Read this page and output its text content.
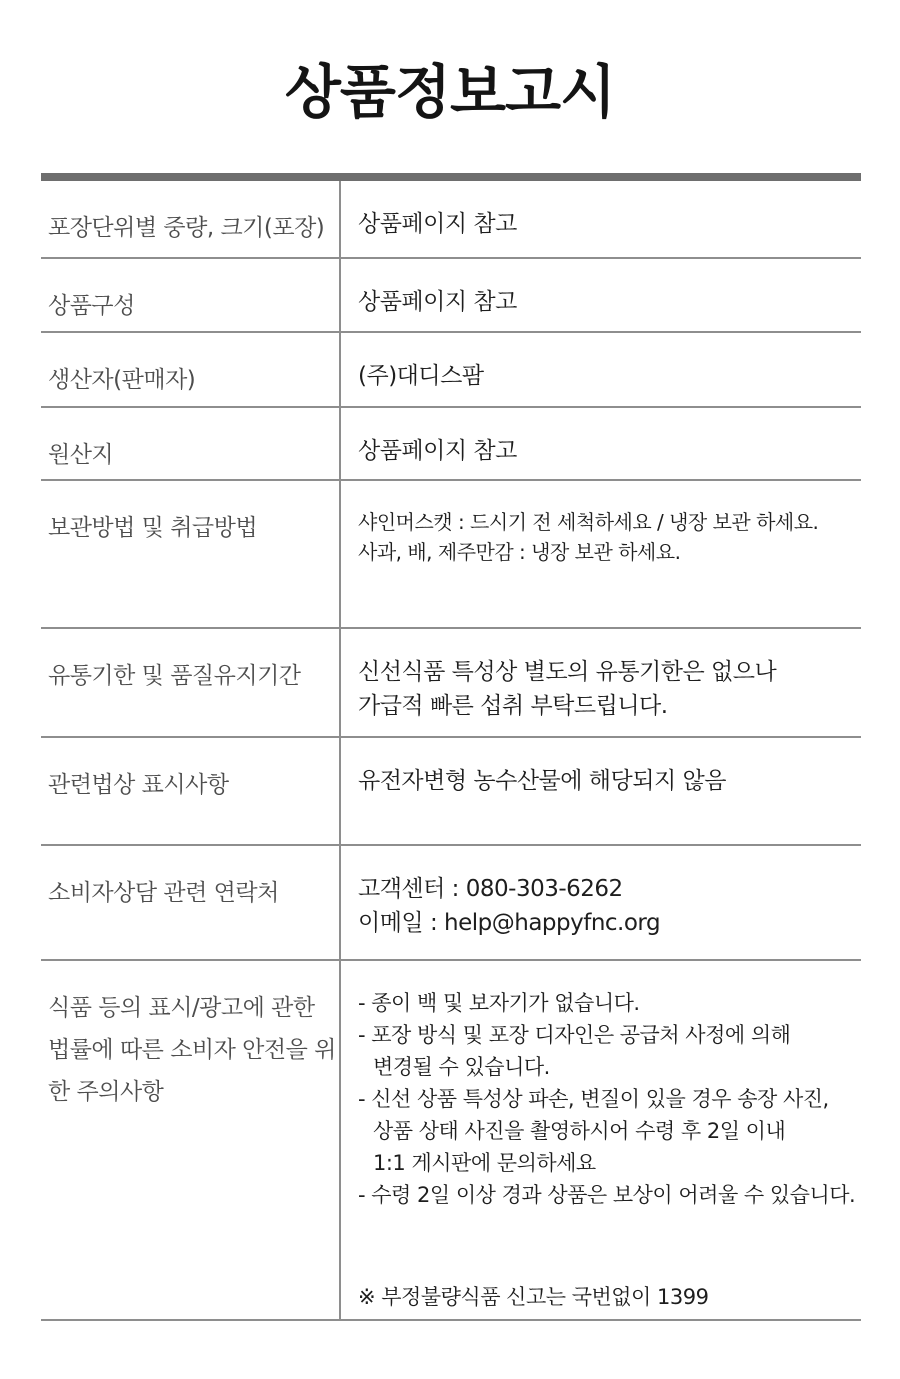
상품정보고시
포장단위별 중량, 크기(포장)	상품페이지 참고
상품구성	상품페이지 참고
생산자(판매자)	(주)대디스팜
원산지	상품페이지 참고
보관방법 및 취급방법	샤인머스캣 : 드시기 전 세척하세요 / 냉장 보관 하세요.
사과, 배, 제주만감 : 냉장 보관 하세요.
유통기한 및 품질유지기간	신선식품 특성상 별도의 유통기한은 없으나
가급적 빠른 섭취 부탁드립니다.
관련법상 표시사항	유전자변형 농수산물에 해당되지 않음
소비자상담 관련 연락처	고객센터 : 080-303-6262
이메일 : help@happyfnc.org
식품 등의 표시/광고에 관한 법률에 따른 소비자 안전을 위한 주의사항
- 종이 백 및 보자기가 없습니다.
- 포장 방식 및 포장 디자인은 공급처 사정에 의해
변경될 수 있습니다.
- 신선 상품 특성상 파손, 변질이 있을 경우 송장 사진,
상품 상태 사진을 촬영하시어 수령 후 2일 이내
1:1 게시판에 문의하세요
- 수령 2일 이상 경과 상품은 보상이 어려울 수 있습니다.
※ 부정불량식품 신고는 국번없이 1399
